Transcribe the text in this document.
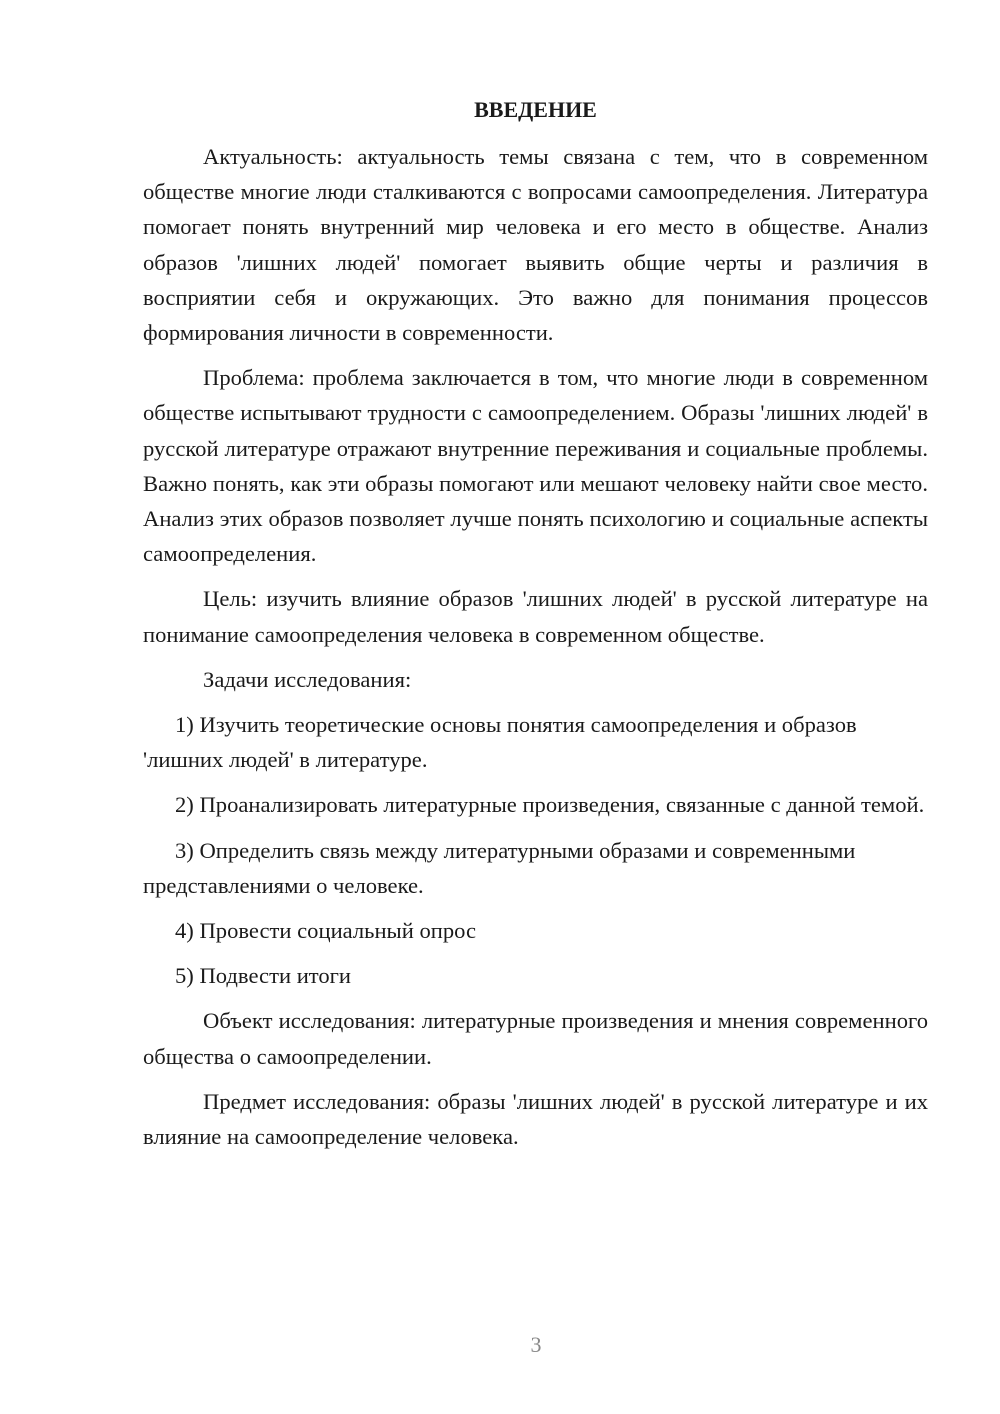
ВВЕДЕНИЕ

Актуальность: актуальность темы связана с тем, что в современном обществе многие люди сталкиваются с вопросами самоопределения. Литература помогает понять внутренний мир человека и его место в обществе. Анализ образов 'лишних людей' помогает выявить общие черты и различия в восприятии себя и окружающих. Это важно для понимания процессов формирования личности в современности.

Проблема: проблема заключается в том, что многие люди в современном обществе испытывают трудности с самоопределением. Образы 'лишних людей' в русской литературе отражают внутренние переживания и социальные проблемы. Важно понять, как эти образы помогают или мешают человеку найти свое место. Анализ этих образов позволяет лучше понять психологию и социальные аспекты самоопределения.

Цель: изучить влияние образов 'лишних людей' в русской литературе на понимание самоопределения человека в современном обществе.

Задачи исследования:

1) Изучить теоретические основы понятия самоопределения и образов 'лишних людей' в литературе.

2) Проанализировать литературные произведения, связанные с данной темой.

3) Определить связь между литературными образами и современными представлениями о человеке.

4) Провести социальный опрос

5) Подвести итоги

Объект исследования: литературные произведения и мнения современного общества о самоопределении.

Предмет исследования: образы 'лишних людей' в русской литературе и их влияние на самоопределение человека.

3
